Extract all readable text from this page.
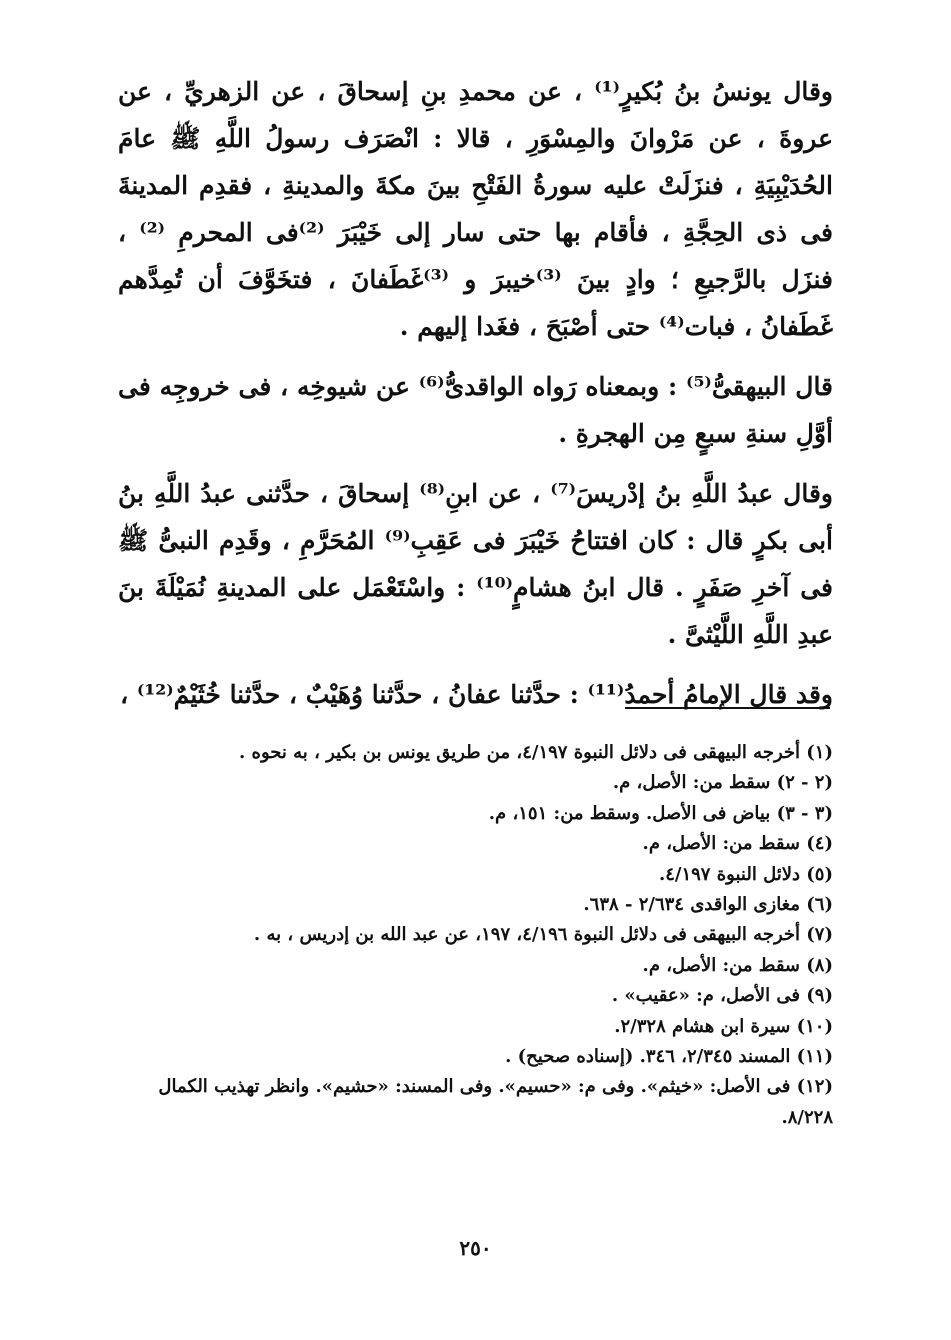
وقال يونسُ بنُ بُكيرٍ⁽¹⁾ ، عن محمدِ بنِ إسحاقَ ، عن الزهريِّ ، عن عروةَ ، عن مَرْوانَ والمِسْوَرِ ، قالا : انْصَرَف رسولُ اللَّهِ ﷺ عامَ الحُدَيْبِيَةِ ، فنزَلَتْ عليه سورةُ الفَتْحِ بينَ مكةَ والمدينةِ ، فقدِم المدينةَ فى ذى الحِجَّةِ ، فأقام بها حتى سار إلى خَيْبَرَ ⁽²⁾فى المحرمِ ⁽²⁾ ، فنزَل بالرَّجيعِ ؛ وادٍ بينَ ⁽³⁾خيبرَ و ⁽³⁾غَطَفانَ ، فتخَوَّفَ أن تُمِدَّهم غَطَفانُ ، فبات⁽⁴⁾ حتى أصْبَحَ ، فغَدا إليهم .

قال البيهقىُّ⁽⁵⁾ : وبمعناه رَواه الواقدىُّ⁽⁶⁾ عن شيوخِه ، فى خروجِه فى أوَّلِ سنةِ سبعٍ مِن الهجرةِ .

وقال عبدُ اللَّهِ بنُ إدْريسَ⁽⁷⁾ ، عن ابنِ⁽⁸⁾ إسحاقَ ، حدَّثنى عبدُ اللَّهِ بنُ أبى بكرٍ قال : كان افتتاحُ خَيْبَرَ فى عَقِبِ⁽⁹⁾ المُحَرَّمِ ، وقَدِم النبىُّ ﷺ فى آخرِ صَفَرٍ . قال ابنُ هشامٍ⁽¹⁰⁾ : واسْتَعْمَل على المدينةِ نُمَيْلَةَ بنَ عبدِ اللَّهِ اللَّيْثىَّ .

وقد قال الإمامُ أحمدُ⁽¹¹⁾ : حدَّثنا عفانُ ، حدَّثنا وُهَيْبٌ ، حدَّثنا خُثَيْمٌ⁽¹²⁾ ،

(١) أخرجه البيهقى فى دلائل النبوة ٤/١٩٧، من طريق يونس بن بكير ، به نحوه .

(٢ - ٢) سقط من: الأصل، م.

(٣ - ٣) بياض فى الأصل. وسقط من: ١٥١، م.

(٤) سقط من: الأصل، م.

(٥) دلائل النبوة ٤/١٩٧.

(٦) مغازى الواقدى ٢/٦٣٤ - ٦٣٨.

(٧) أخرجه البيهقى فى دلائل النبوة ٤/١٩٦، ١٩٧، عن عبد الله بن إدريس ، به .

(٨) سقط من: الأصل، م.

(٩) فى الأصل، م: «عقيب» .

(١٠) سيرة ابن هشام ٢/٣٢٨.

(١١) المسند ٢/٣٤٥، ٣٤٦. (إسناده صحيح) .

(١٢) فى الأصل: «خيثم». وفى م: «حسيم». وفى المسند: «حشيم». وانظر تهذيب الكمال ٨/٢٢٨.

٢٥٠
